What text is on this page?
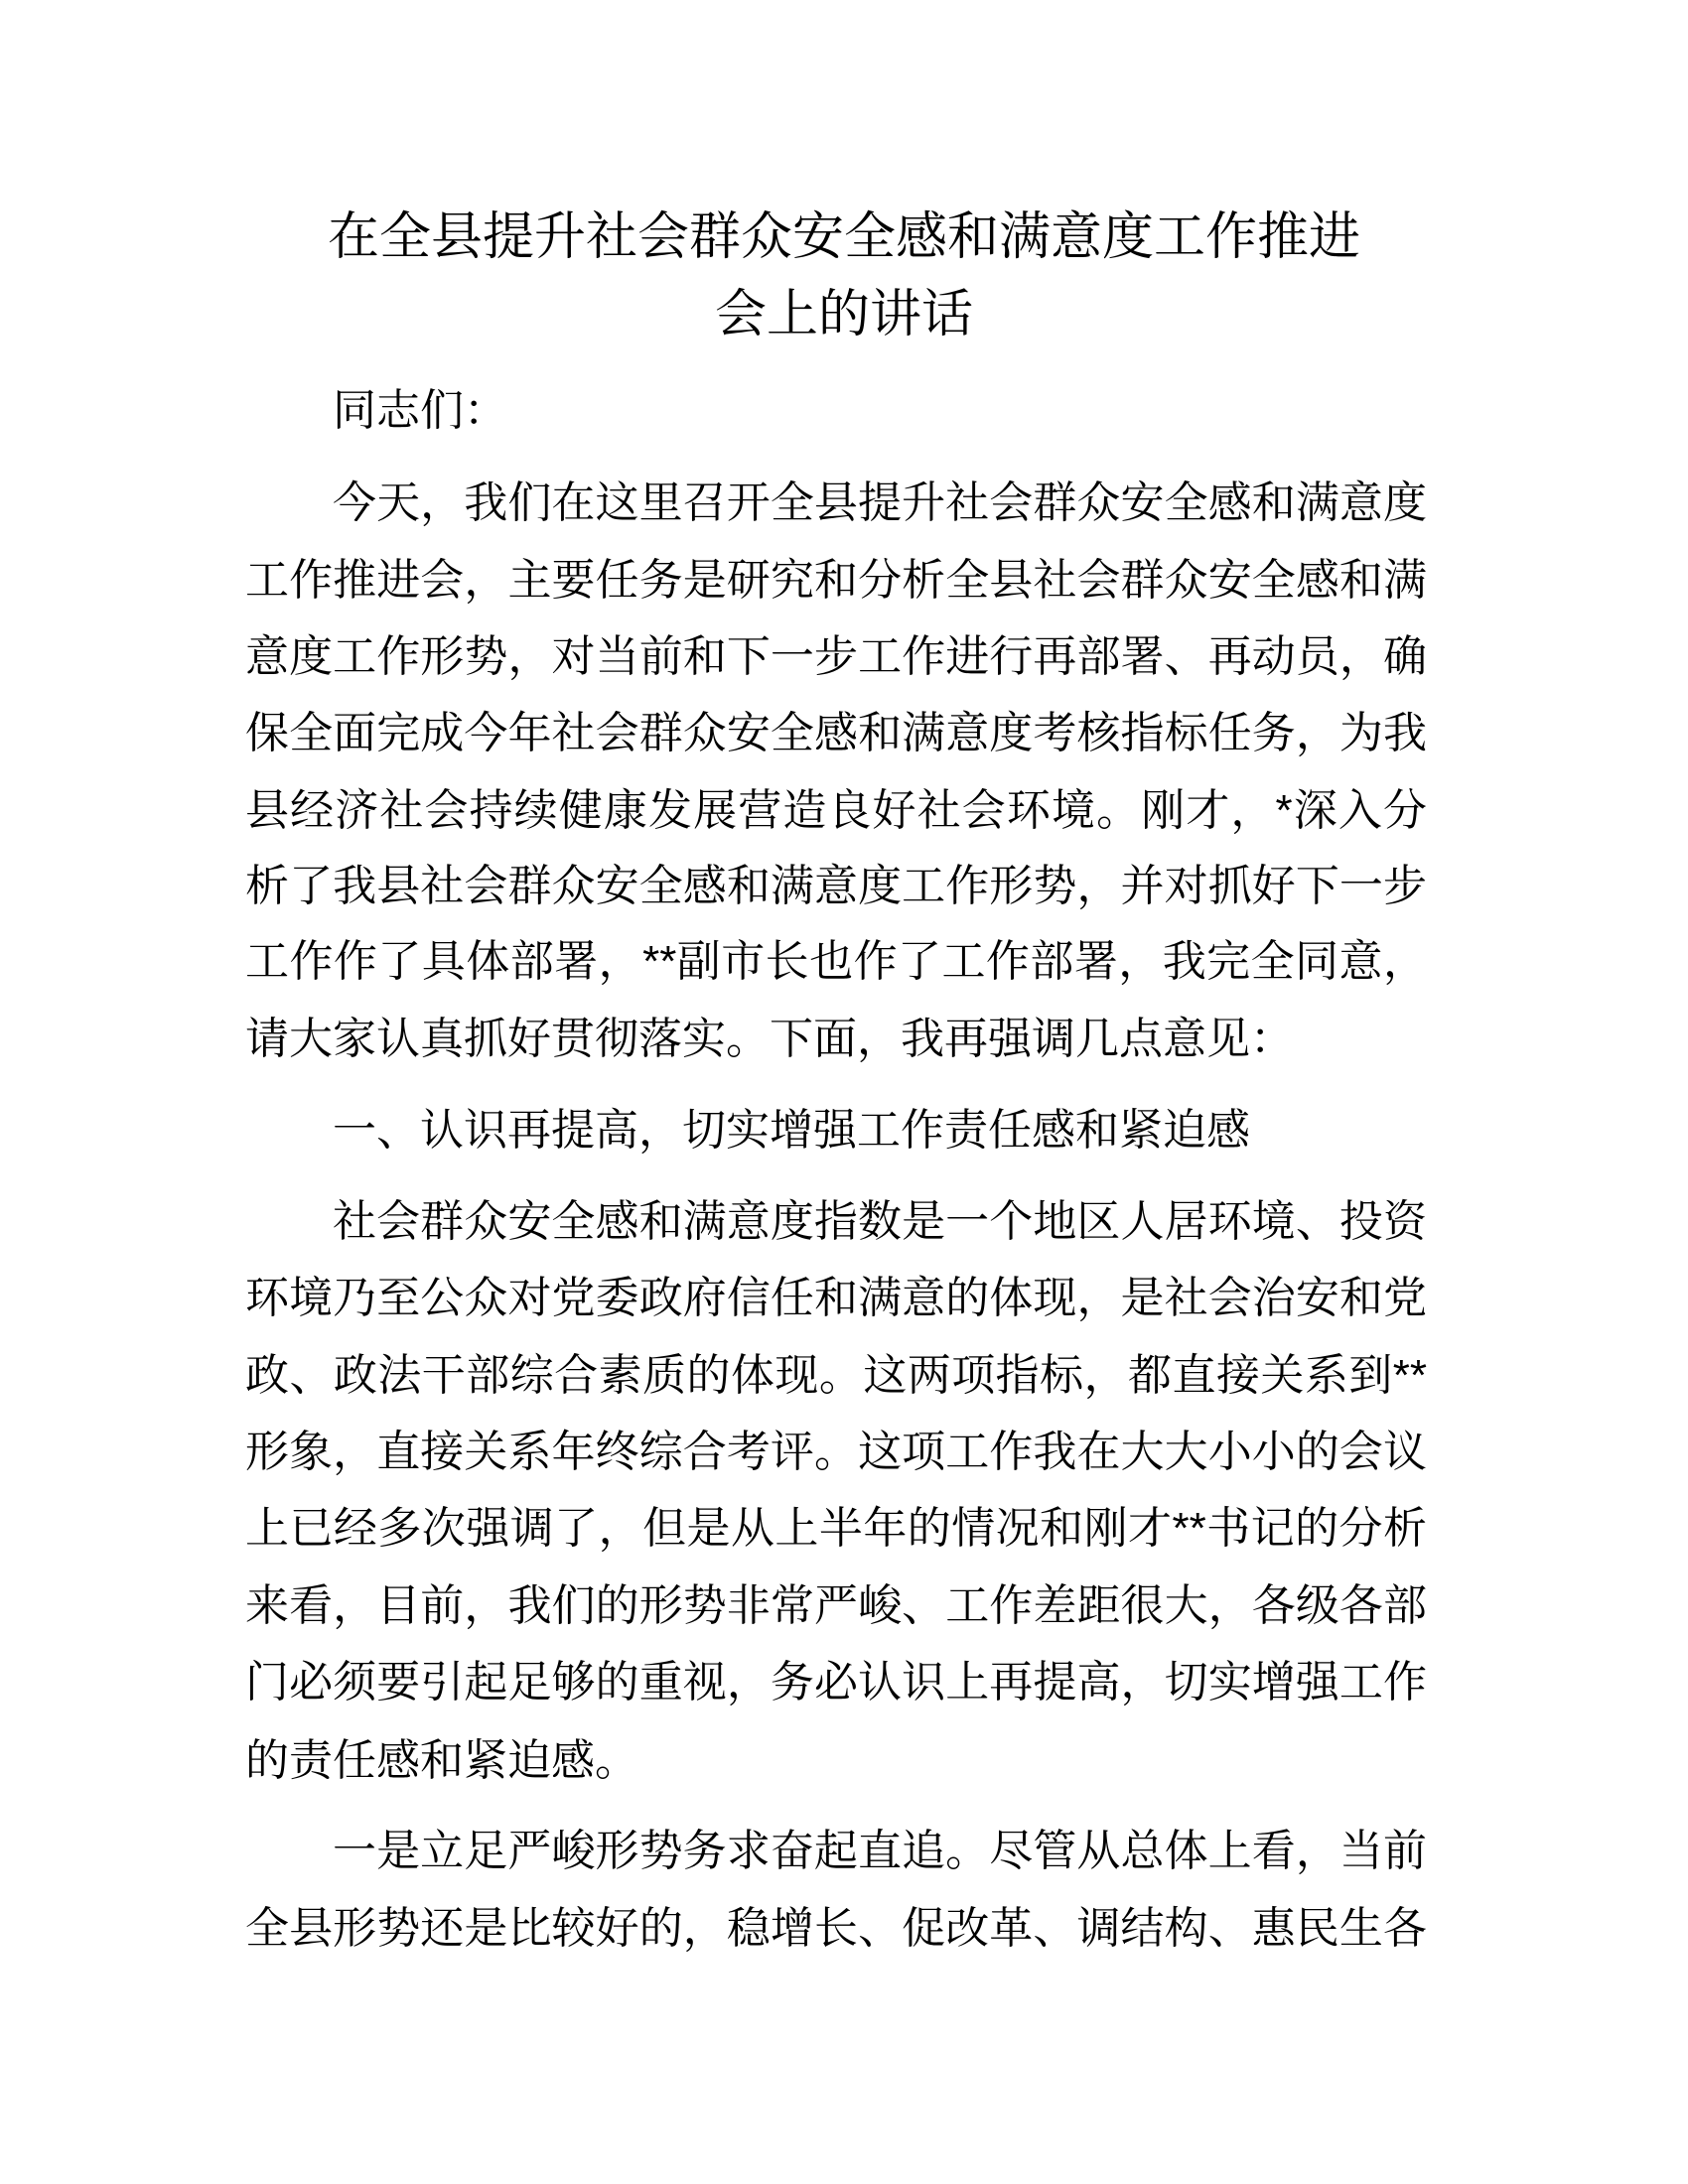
在全县提升社会群众安全感和满意度工作推进
会上的讲话
同志们：
今天，我们在这里召开全县提升社会群众安全感和满意度
工作推进会，主要任务是研究和分析全县社会群众安全感和满
意度工作形势，对当前和下一步工作进行再部署、再动员，确
保全面完成今年社会群众安全感和满意度考核指标任务，为我
县经济社会持续健康发展营造良好社会环境。刚才，*深入分
析了我县社会群众安全感和满意度工作形势，并对抓好下一步
工作作了具体部署，**副市长也作了工作部署，我完全同意，
请大家认真抓好贯彻落实。下面，我再强调几点意见：
一、认识再提高，切实增强工作责任感和紧迫感
社会群众安全感和满意度指数是一个地区人居环境、投资
环境乃至公众对党委政府信任和满意的体现，是社会治安和党
政、政法干部综合素质的体现。这两项指标，都直接关系到**
形象，直接关系年终综合考评。这项工作我在大大小小的会议
上已经多次强调了，但是从上半年的情况和刚才**书记的分析
来看，目前，我们的形势非常严峻、工作差距很大，各级各部
门必须要引起足够的重视，务必认识上再提高，切实增强工作
的责任感和紧迫感。
一是立足严峻形势务求奋起直追。尽管从总体上看，当前
全县形势还是比较好的，稳增长、促改革、调结构、惠民生各
